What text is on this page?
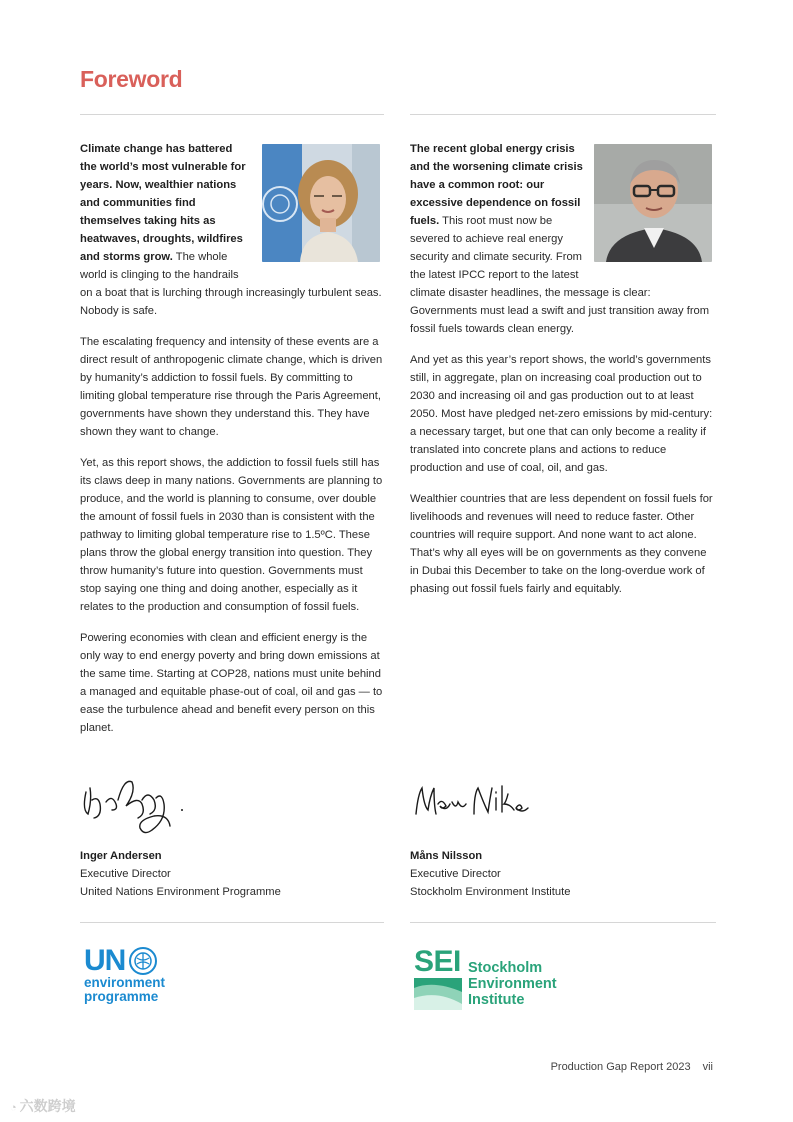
Foreword

Climate change has battered the world’s most vulnerable for years. Now, wealthier nations and communities find themselves taking hits as heatwaves, droughts, wildfires and storms grow. The whole world is clinging to the handrails on a boat that is lurching through increasingly turbulent seas. Nobody is safe.

The escalating frequency and intensity of these events are a direct result of anthropogenic climate change, which is driven by humanity’s addiction to fossil fuels. By committing to limiting global temperature rise through the Paris Agreement, governments have shown they understand this. They have shown they want to change.

Yet, as this report shows, the addiction to fossil fuels still has its claws deep in many nations. Governments are planning to produce, and the world is planning to consume, over double the amount of fossil fuels in 2030 than is consistent with the pathway to limiting global temperature rise to 1.5ºC. These plans throw the global energy transition into question. They throw humanity’s future into question. Governments must stop saying one thing and doing another, especially as it relates to the production and consumption of fossil fuels.

Powering economies with clean and efficient energy is the only way to end energy poverty and bring down emissions at the same time. Starting at COP28, nations must unite behind a managed and equitable phase-out of coal, oil and gas — to ease the turbulence ahead and benefit every person on this planet.

The recent global energy crisis and the worsening climate crisis have a common root: our excessive dependence on fossil fuels. This root must now be severed to achieve real energy security and climate security. From the latest IPCC report to the latest climate disaster headlines, the message is clear: Governments must lead a swift and just transition away from fossil fuels towards clean energy.

And yet as this year’s report shows, the world’s governments still, in aggregate, plan on increasing coal production out to 2030 and increasing oil and gas production out to at least 2050. Most have pledged net-zero emissions by mid-century: a necessary target, but one that can only become a reality if translated into concrete plans and actions to reduce production and use of coal, oil, and gas.

Wealthier countries that are less dependent on fossil fuels for livelihoods and revenues will need to reduce faster. Other countries will require support. And none want to act alone. That’s why all eyes will be on governments as they convene in Dubai this December to take on the long-overdue work of phasing out fossil fuels fairly and equitably.

Inger Andersen
Executive Director
United Nations Environment Programme
Måns Nilsson
Executive Director
Stockholm Environment Institute
UN
environment
programme
SEI Stockholm
Environment
Institute
Production Gap Report 2023 vii
◔ 六数跨境
